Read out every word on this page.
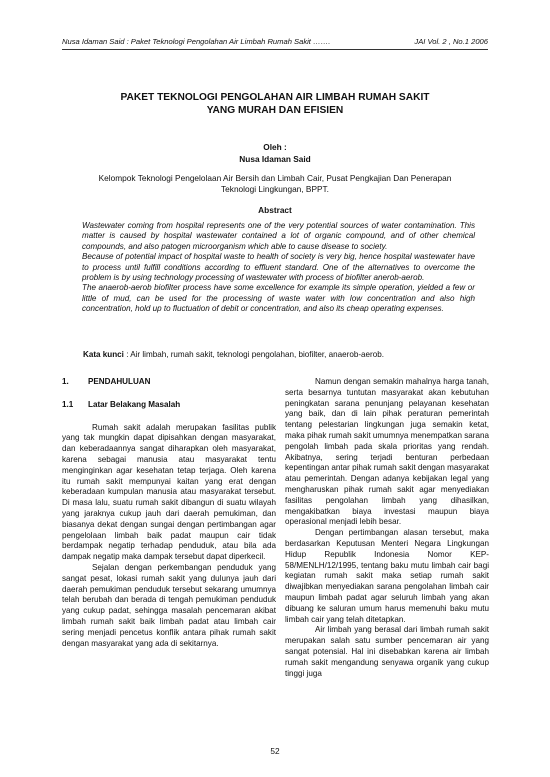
Nusa Idaman Said : Paket Teknologi Pengolahan Air Limbah Rumah Sakit …….	JAI Vol. 2 , No.1 2006
PAKET TEKNOLOGI PENGOLAHAN AIR LIMBAH RUMAH SAKIT
YANG MURAH DAN EFISIEN
Oleh :
Nusa Idaman Said
Kelompok Teknologi Pengelolaan Air Bersih dan Limbah Cair, Pusat Pengkajian Dan Penerapan
Teknologi Lingkungan, BPPT.
Abstract

Wastewater coming from hospital represents one of the very potential sources of water contamination. This matter is caused by hospital wastewater contained a lot of organic compound, and of other chemical compounds, and also patogen microorganism which able to cause disease to society.

Because of potential impact of hospital waste to health of society is very big, hence hospital wastewater have to process until fulfill conditions according to effluent standard. One of the alternatives to overcome the problem is by using technology processing of wastewater with process of biofilter anerob-aerob.

The anaerob-aerob biofilter process have some excellence for example its simple operation, yielded a few or little of mud, can be used for the processing of waste water with low concentration and also high concentration, hold up to fluctuation of debit or concentration, and also its cheap operating expenses.

Kata kunci : Air limbah, rumah sakit, teknologi pengolahan, biofilter, anaerob-aerob.
1.	PENDAHULUAN
1.1	Latar Belakang Masalah

Rumah sakit adalah merupakan fasilitas publik yang tak mungkin dapat dipisahkan dengan masyarakat, dan keberadaannya sangat diharapkan oleh masyarakat, karena sebagai manusia atau masyarakat tentu menginginkan agar kesehatan tetap terjaga. Oleh karena itu rumah sakit mempunyai kaitan yang erat dengan keberadaan kumpulan manusia atau masyarakat tersebut. Di masa lalu, suatu rumah sakit dibangun di suatu wilayah yang jaraknya cukup jauh dari daerah pemukiman, dan biasanya dekat dengan sungai dengan pertimbangan agar pengelolaan limbah baik padat maupun cair tidak berdampak negatip terhadap penduduk, atau bila ada dampak negatip maka dampak tersebut dapat diperkecil.

Sejalan dengan perkembangan penduduk yang sangat pesat, lokasi rumah sakit yang dulunya jauh dari daerah pemukiman penduduk tersebut sekarang umumnya telah berubah dan berada di tengah pemukiman penduduk yang cukup padat, sehingga masalah pencemaran akibat limbah rumah sakit baik limbah padat atau limbah cair sering menjadi pencetus konflik antara pihak rumah sakit dengan masyarakat yang ada di sekitarnya.

Namun dengan semakin mahalnya harga tanah, serta besarnya tuntutan masyarakat akan kebutuhan peningkatan sarana penunjang pelayanan kesehatan yang baik, dan di lain pihak peraturan pemerintah tentang pelestarian lingkungan juga semakin ketat, maka pihak rumah sakit umumnya menempatkan sarana pengolah limbah pada skala prioritas yang rendah. Akibatnya, sering terjadi benturan perbedaan kepentingan antar pihak rumah sakit dengan masyarakat atau pemerintah. Dengan adanya kebijakan legal yang mengharuskan pihak rumah sakit agar menyediakan fasilitas pengolahan limbah yang dihasilkan, mengakibatkan biaya investasi maupun biaya operasional menjadi lebih besar.

Dengan pertimbangan alasan tersebut, maka berdasarkan Keputusan Menteri Negara Lingkungan Hidup Republik Indonesia Nomor KEP-58/MENLH/12/1995, tentang baku mutu limbah cair bagi kegiatan rumah sakit maka setiap rumah sakit diwajibkan menyediakan sarana pengolahan limbah cair maupun limbah padat agar seluruh limbah yang akan dibuang ke saluran umum harus memenuhi baku mutu limbah cair yang telah ditetapkan.

Air limbah yang berasal dari limbah rumah sakit merupakan salah satu sumber pencemaran air yang sangat potensial. Hal ini disebabkan karena air limbah rumah sakit mengandung senyawa organik yang cukup tinggi juga

52
